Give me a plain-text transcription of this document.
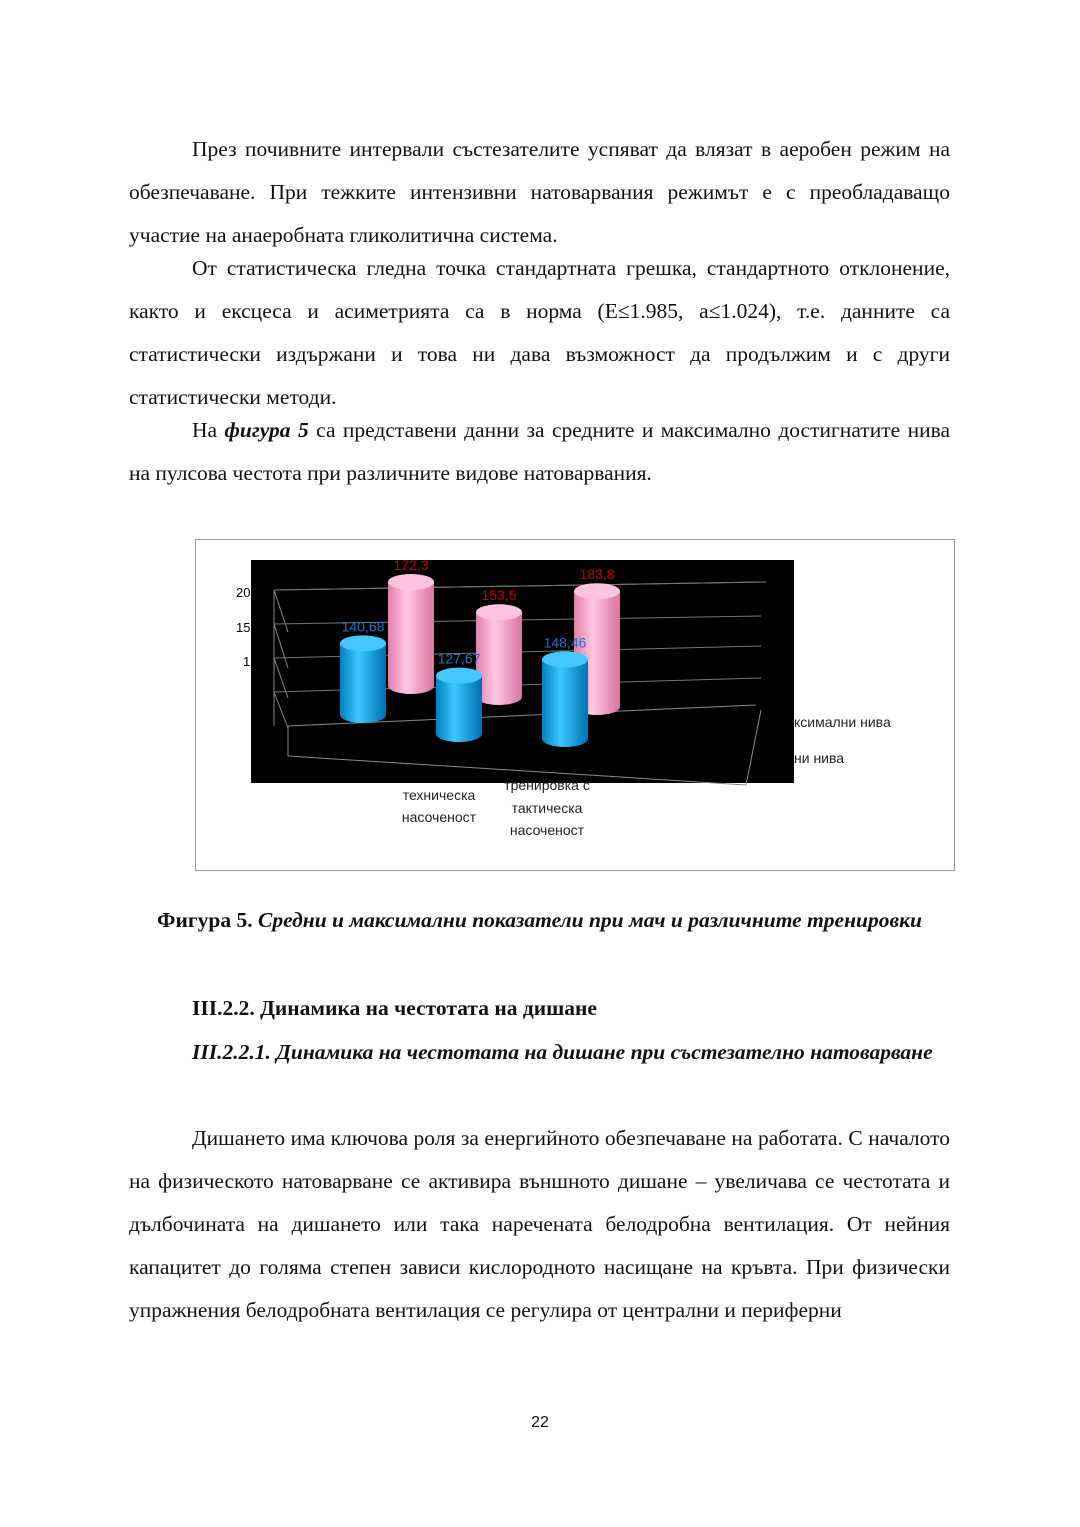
През почивните интервали състезателите успяват да влязат в аеробен режим на обезпечаване. При тежките интензивни натоварвания режимът е с преобладаващо участие на анаеробната гликолитична система.

От статистическа гледна точка стандартната грешка, стандартното отклонение, както и ексцеса и асиметрията са в норма (E≤1.985, a≤1.024), т.е. данните са статистически издържани и това ни дава възможност да продължим и с други статистически методи.

На фигура 5 са представени данни за средните и максимално достигнатите нива на пулсова честота при различните видове натоварвания.

20
15
1
172,3
140,68
153,5
127,67
183,8
148,46
ксимални нива
ни нива
техническа
насоченост
тренировка с
тактическа
насоченост

Фигура 5. Средни и максимални показатели при мач и различните тренировки

III.2.2. Динамика на честотата на дишане

III.2.2.1. Динамика на честотата на дишане при състезателно натоварване

Дишането има ключова роля за енергийното обезпечаване на работата. С началото на физическото натоварване се активира външното дишане – увеличава се честотата и дълбочината на дишането или така наречената белодробна вентилация. От нейния капацитет до голяма степен зависи кислородното насищане на кръвта. При физически упражнения белодробната вентилация се регулира от централни и периферни

22
